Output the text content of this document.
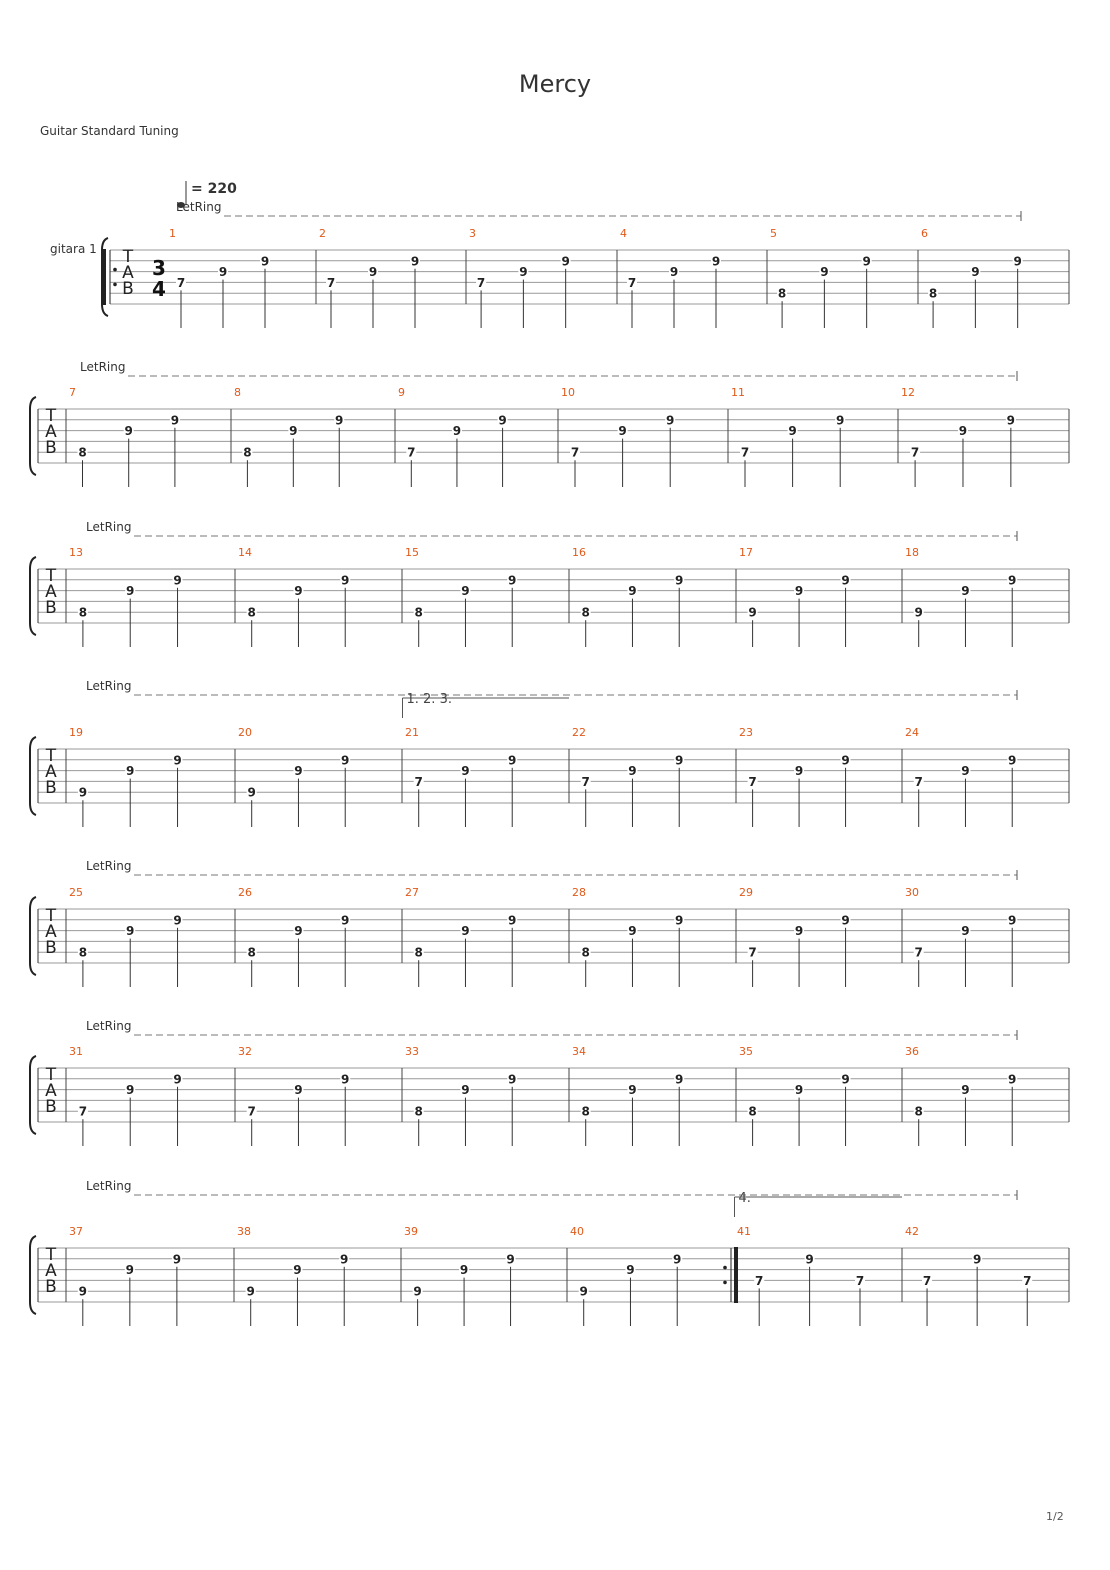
Mercy
Guitar Standard Tuning
1/2
= 220
gitara 1
LetRing
T
A
B
1
7
9
9
2
7
9
9
3
7
9
9
4
7
9
9
5
8
9
9
6
8
9
9
3
4
LetRing
T
A
B
7
8
9
9
8
8
9
9
9
7
9
9
10
7
9
9
11
7
9
9
12
7
9
9
LetRing
T
A
B
13
8
9
9
14
8
9
9
15
8
9
9
16
8
9
9
17
9
9
9
18
9
9
9
LetRing
T
A
B
19
9
9
9
20
9
9
9
21
7
9
9
22
7
9
9
23
7
9
9
24
7
9
9
LetRing
T
A
B
25
8
9
9
26
8
9
9
27
8
9
9
28
8
9
9
29
7
9
9
30
7
9
9
LetRing
T
A
B
31
7
9
9
32
7
9
9
33
8
9
9
34
8
9
9
35
8
9
9
36
8
9
9
LetRing
T
A
B
37
9
9
9
38
9
9
9
39
9
9
9
40
9
9
9
41
7
9
7
42
7
9
7
1. 2. 3.
4.
